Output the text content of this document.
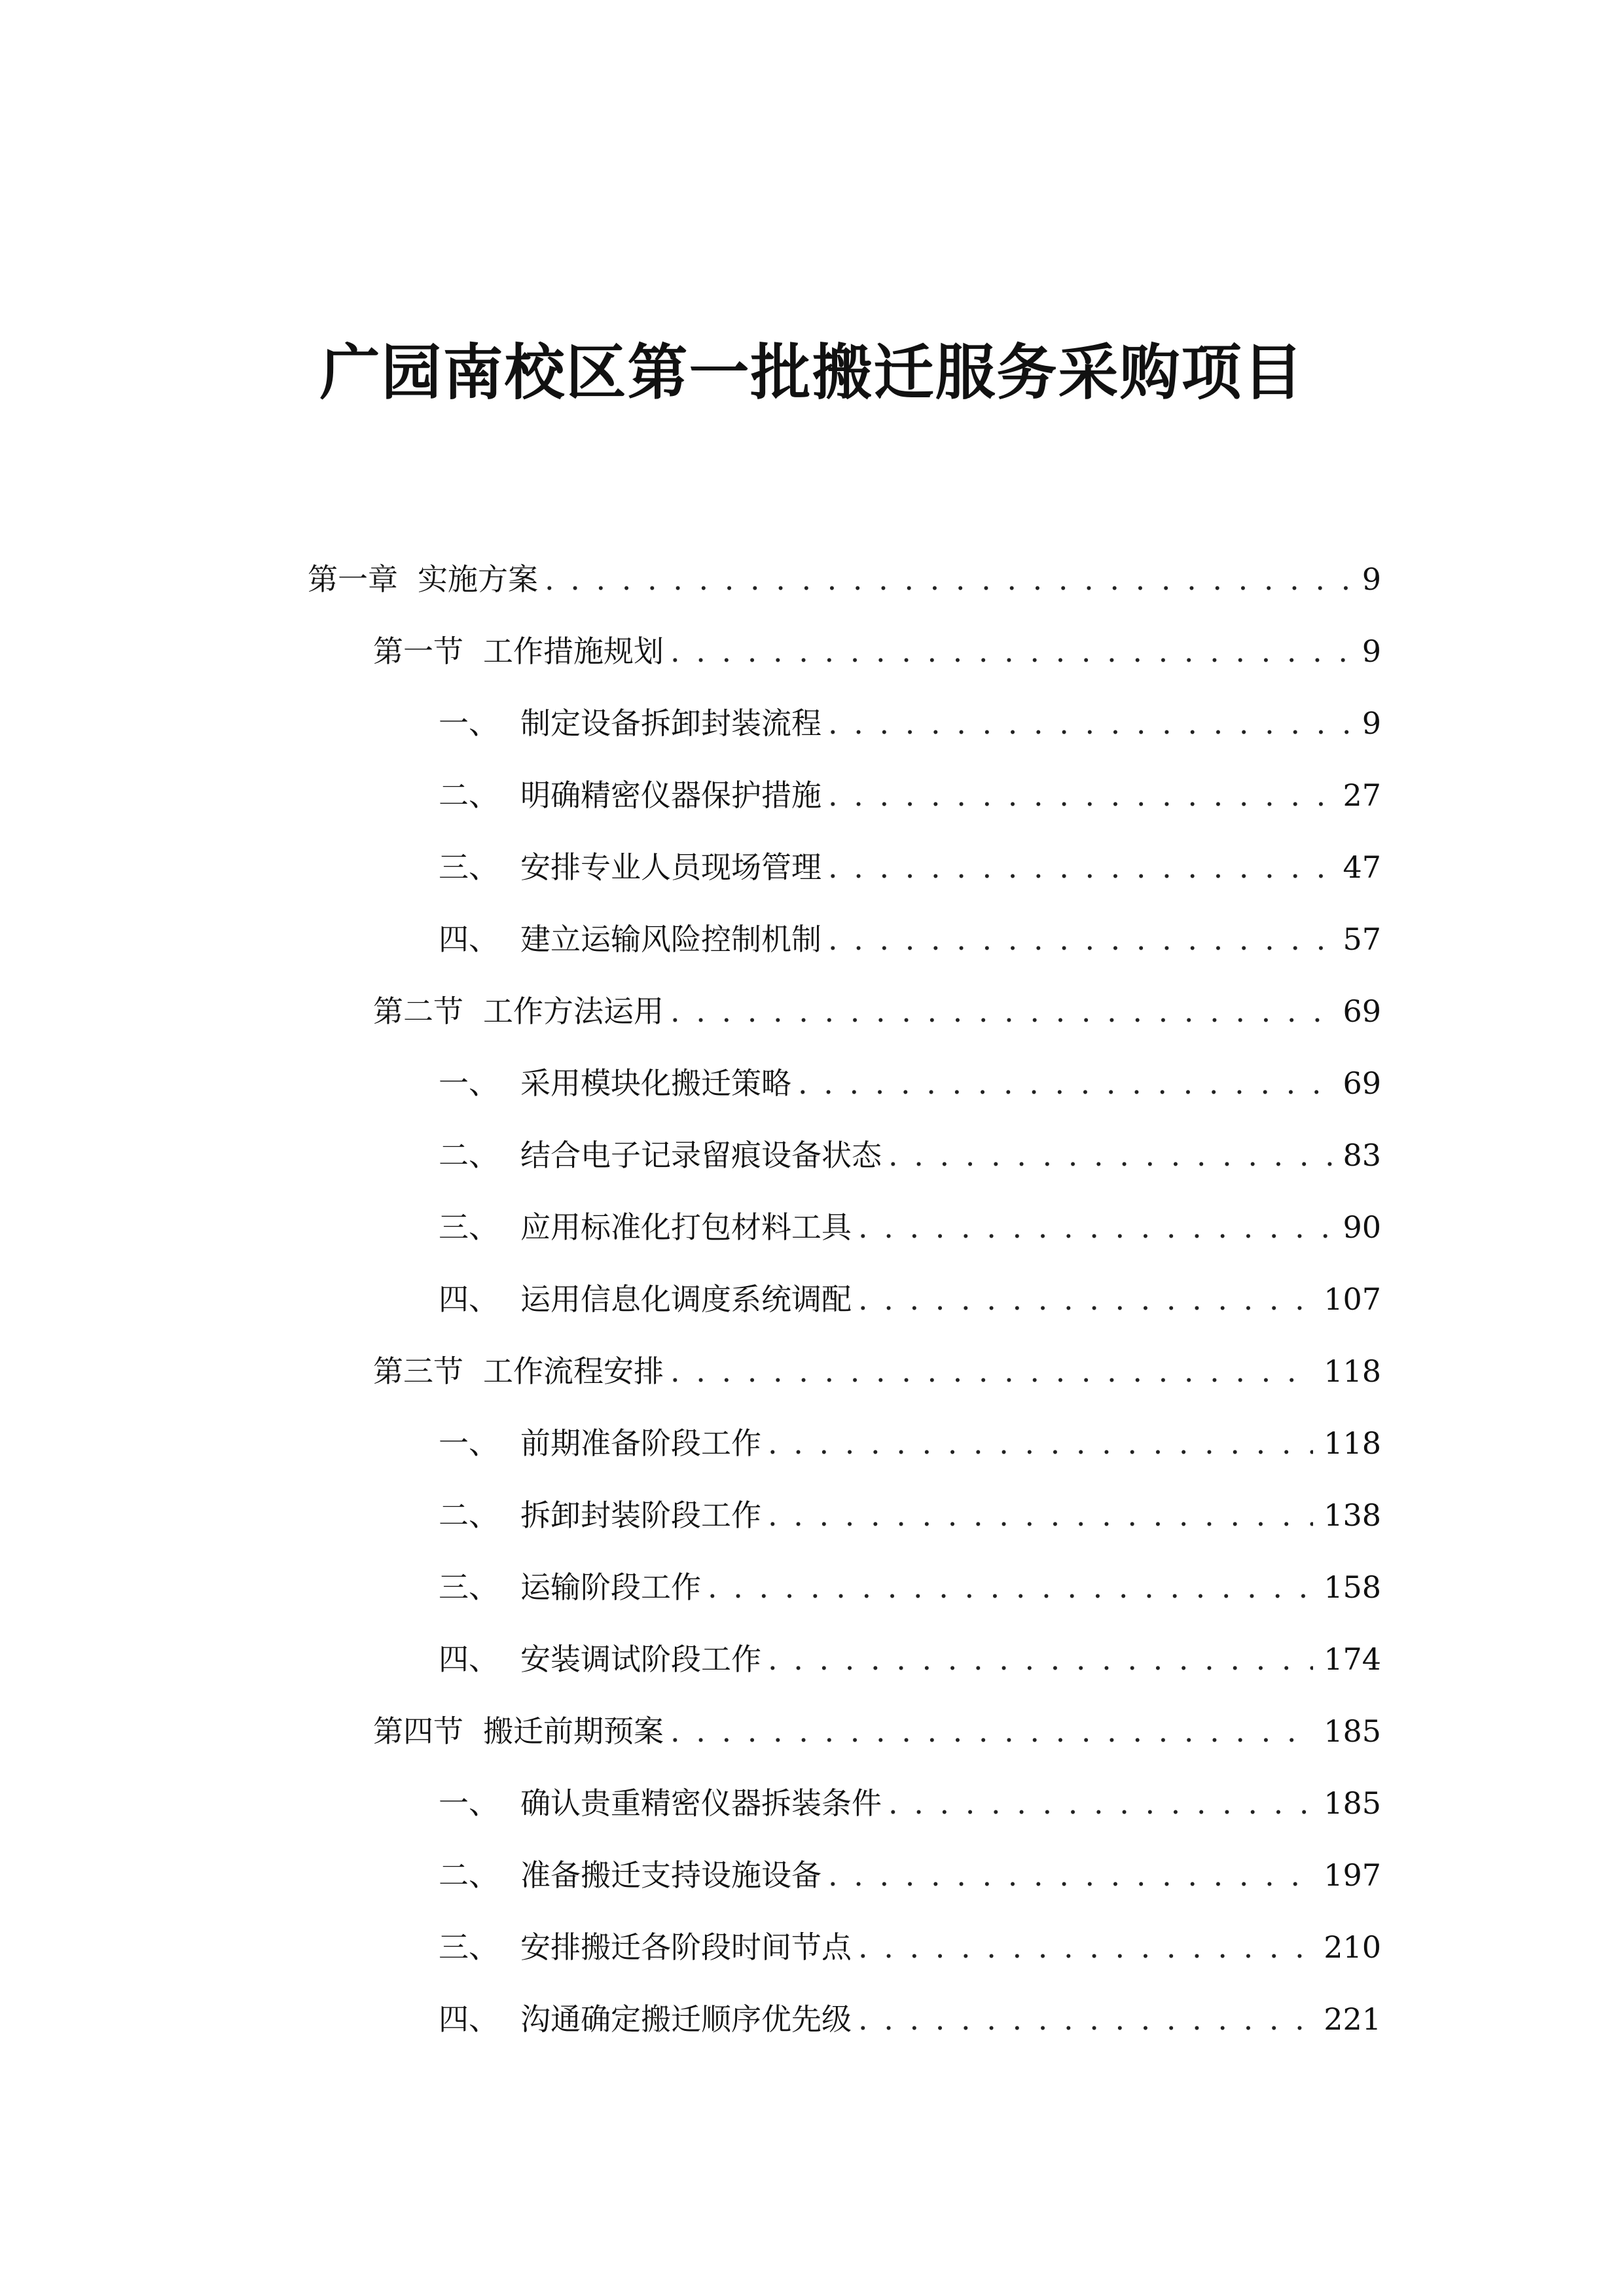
广园南校区第一批搬迁服务采购项目
第一章 实施方案 . . .	9
第一节 工作措施规划 . . .	9
一、 制定设备拆卸封装流程 . . .	9
二、 明确精密仪器保护措施 . . .	27
三、 安排专业人员现场管理 . . .	47
四、 建立运输风险控制机制 . . .	57
第二节 工作方法运用 . . .	69
一、 采用模块化搬迁策略 . . .	69
二、 结合电子记录留痕设备状态 . . .	83
三、 应用标准化打包材料工具 . . .	90
四、 运用信息化调度系统调配 . . .	107
第三节 工作流程安排 . . .	118
一、 前期准备阶段工作 . . .	118
二、 拆卸封装阶段工作 . . .	138
三、 运输阶段工作 . . .	158
四、 安装调试阶段工作 . . .	174
第四节 搬迁前期预案 . . .	185
一、 确认贵重精密仪器拆装条件 . . .	185
二、 准备搬迁支持设施设备 . . .	197
三、 安排搬迁各阶段时间节点 . . .	210
四、 沟通确定搬迁顺序优先级 . . .	221
